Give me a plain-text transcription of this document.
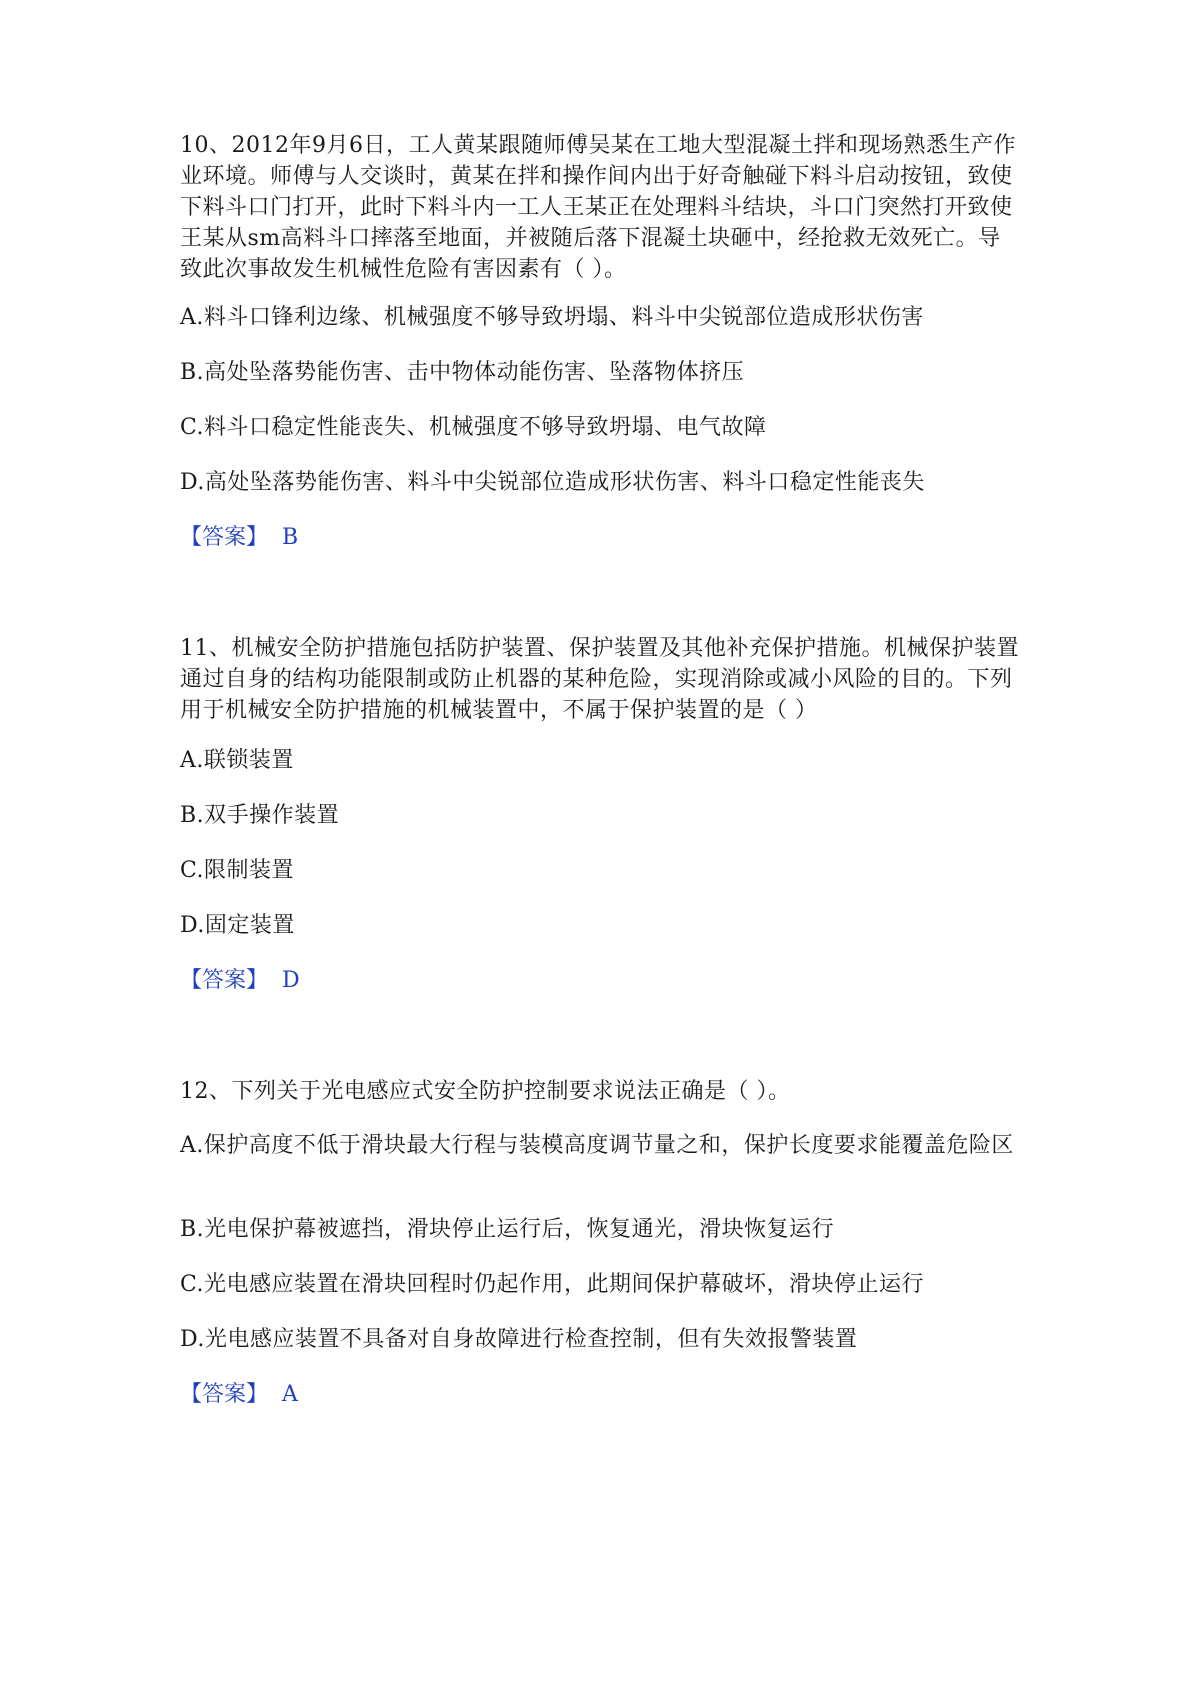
10、2012年9月6日，工人黄某跟随师傅吴某在工地大型混凝土拌和现场熟悉生产作业环境。师傅与人交谈时，黄某在拌和操作间内出于好奇触碰下料斗启动按钮，致使下料斗口门打开，此时下料斗内一工人王某正在处理料斗结块，斗口门突然打开致使王某从sm高料斗口摔落至地面，并被随后落下混凝土块砸中，经抢救无效死亡。导致此次事故发生机械性危险有害因素有（ ）。

A.料斗口锋利边缘、机械强度不够导致坍塌、料斗中尖锐部位造成形状伤害

B.高处坠落势能伤害、击中物体动能伤害、坠落物体挤压

C.料斗口稳定性能丧失、机械强度不够导致坍塌、电气故障

D.高处坠落势能伤害、料斗中尖锐部位造成形状伤害、料斗口稳定性能丧失

【答案】 B

11、机械安全防护措施包括防护装置、保护装置及其他补充保护措施。机械保护装置通过自身的结构功能限制或防止机器的某种危险，实现消除或减小风险的目的。下列用于机械安全防护措施的机械装置中，不属于保护装置的是（ ）

A.联锁装置

B.双手操作装置

C.限制装置

D.固定装置

【答案】 D

12、下列关于光电感应式安全防护控制要求说法正确是（ ）。

A.保护高度不低于滑块最大行程与装模高度调节量之和，保护长度要求能覆盖危险区

B.光电保护幕被遮挡，滑块停止运行后，恢复通光，滑块恢复运行

C.光电感应装置在滑块回程时仍起作用，此期间保护幕破坏，滑块停止运行

D.光电感应装置不具备对自身故障进行检查控制，但有失效报警装置

【答案】 A
